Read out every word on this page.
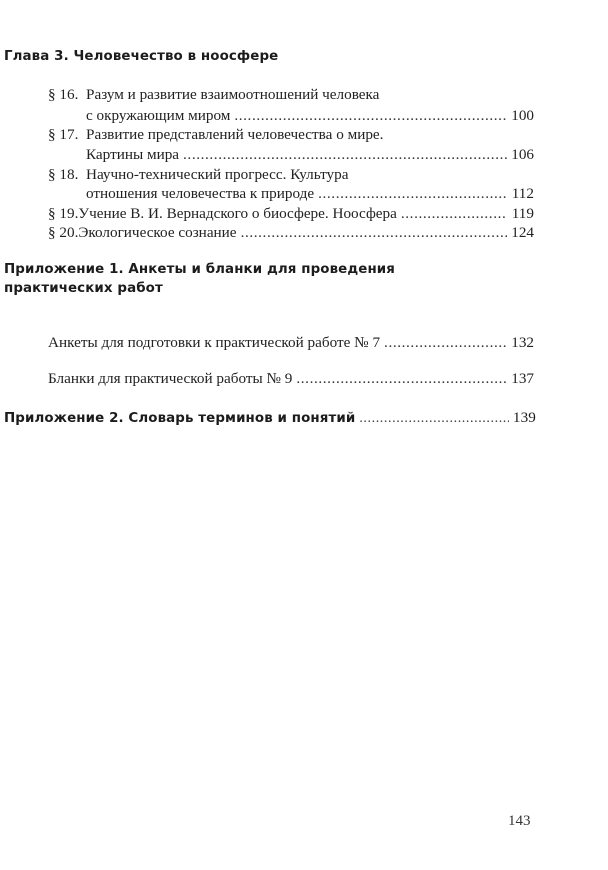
Глава 3. Человечество в ноосфере
§ 16. Разум и развитие взаимоотношений человека
с окружающим миром .....	100
§ 17. Развитие представлений человечества о мире.
Картины мира .....	106
§ 18. Научно-технический прогресс. Культура
отношения человечества к природе .....	112
§ 19. Учение В. И. Вернадского о биосфере. Ноосфера .....	119
§ 20. Экологическое сознание .....	124
Приложение 1. Анкеты и бланки для проведения
практических работ
Анкеты для подготовки к практической работе № 7 .....	132
Бланки для практической работы № 9 .....	137
Приложение 2. Словарь терминов и понятий .....	139
143
